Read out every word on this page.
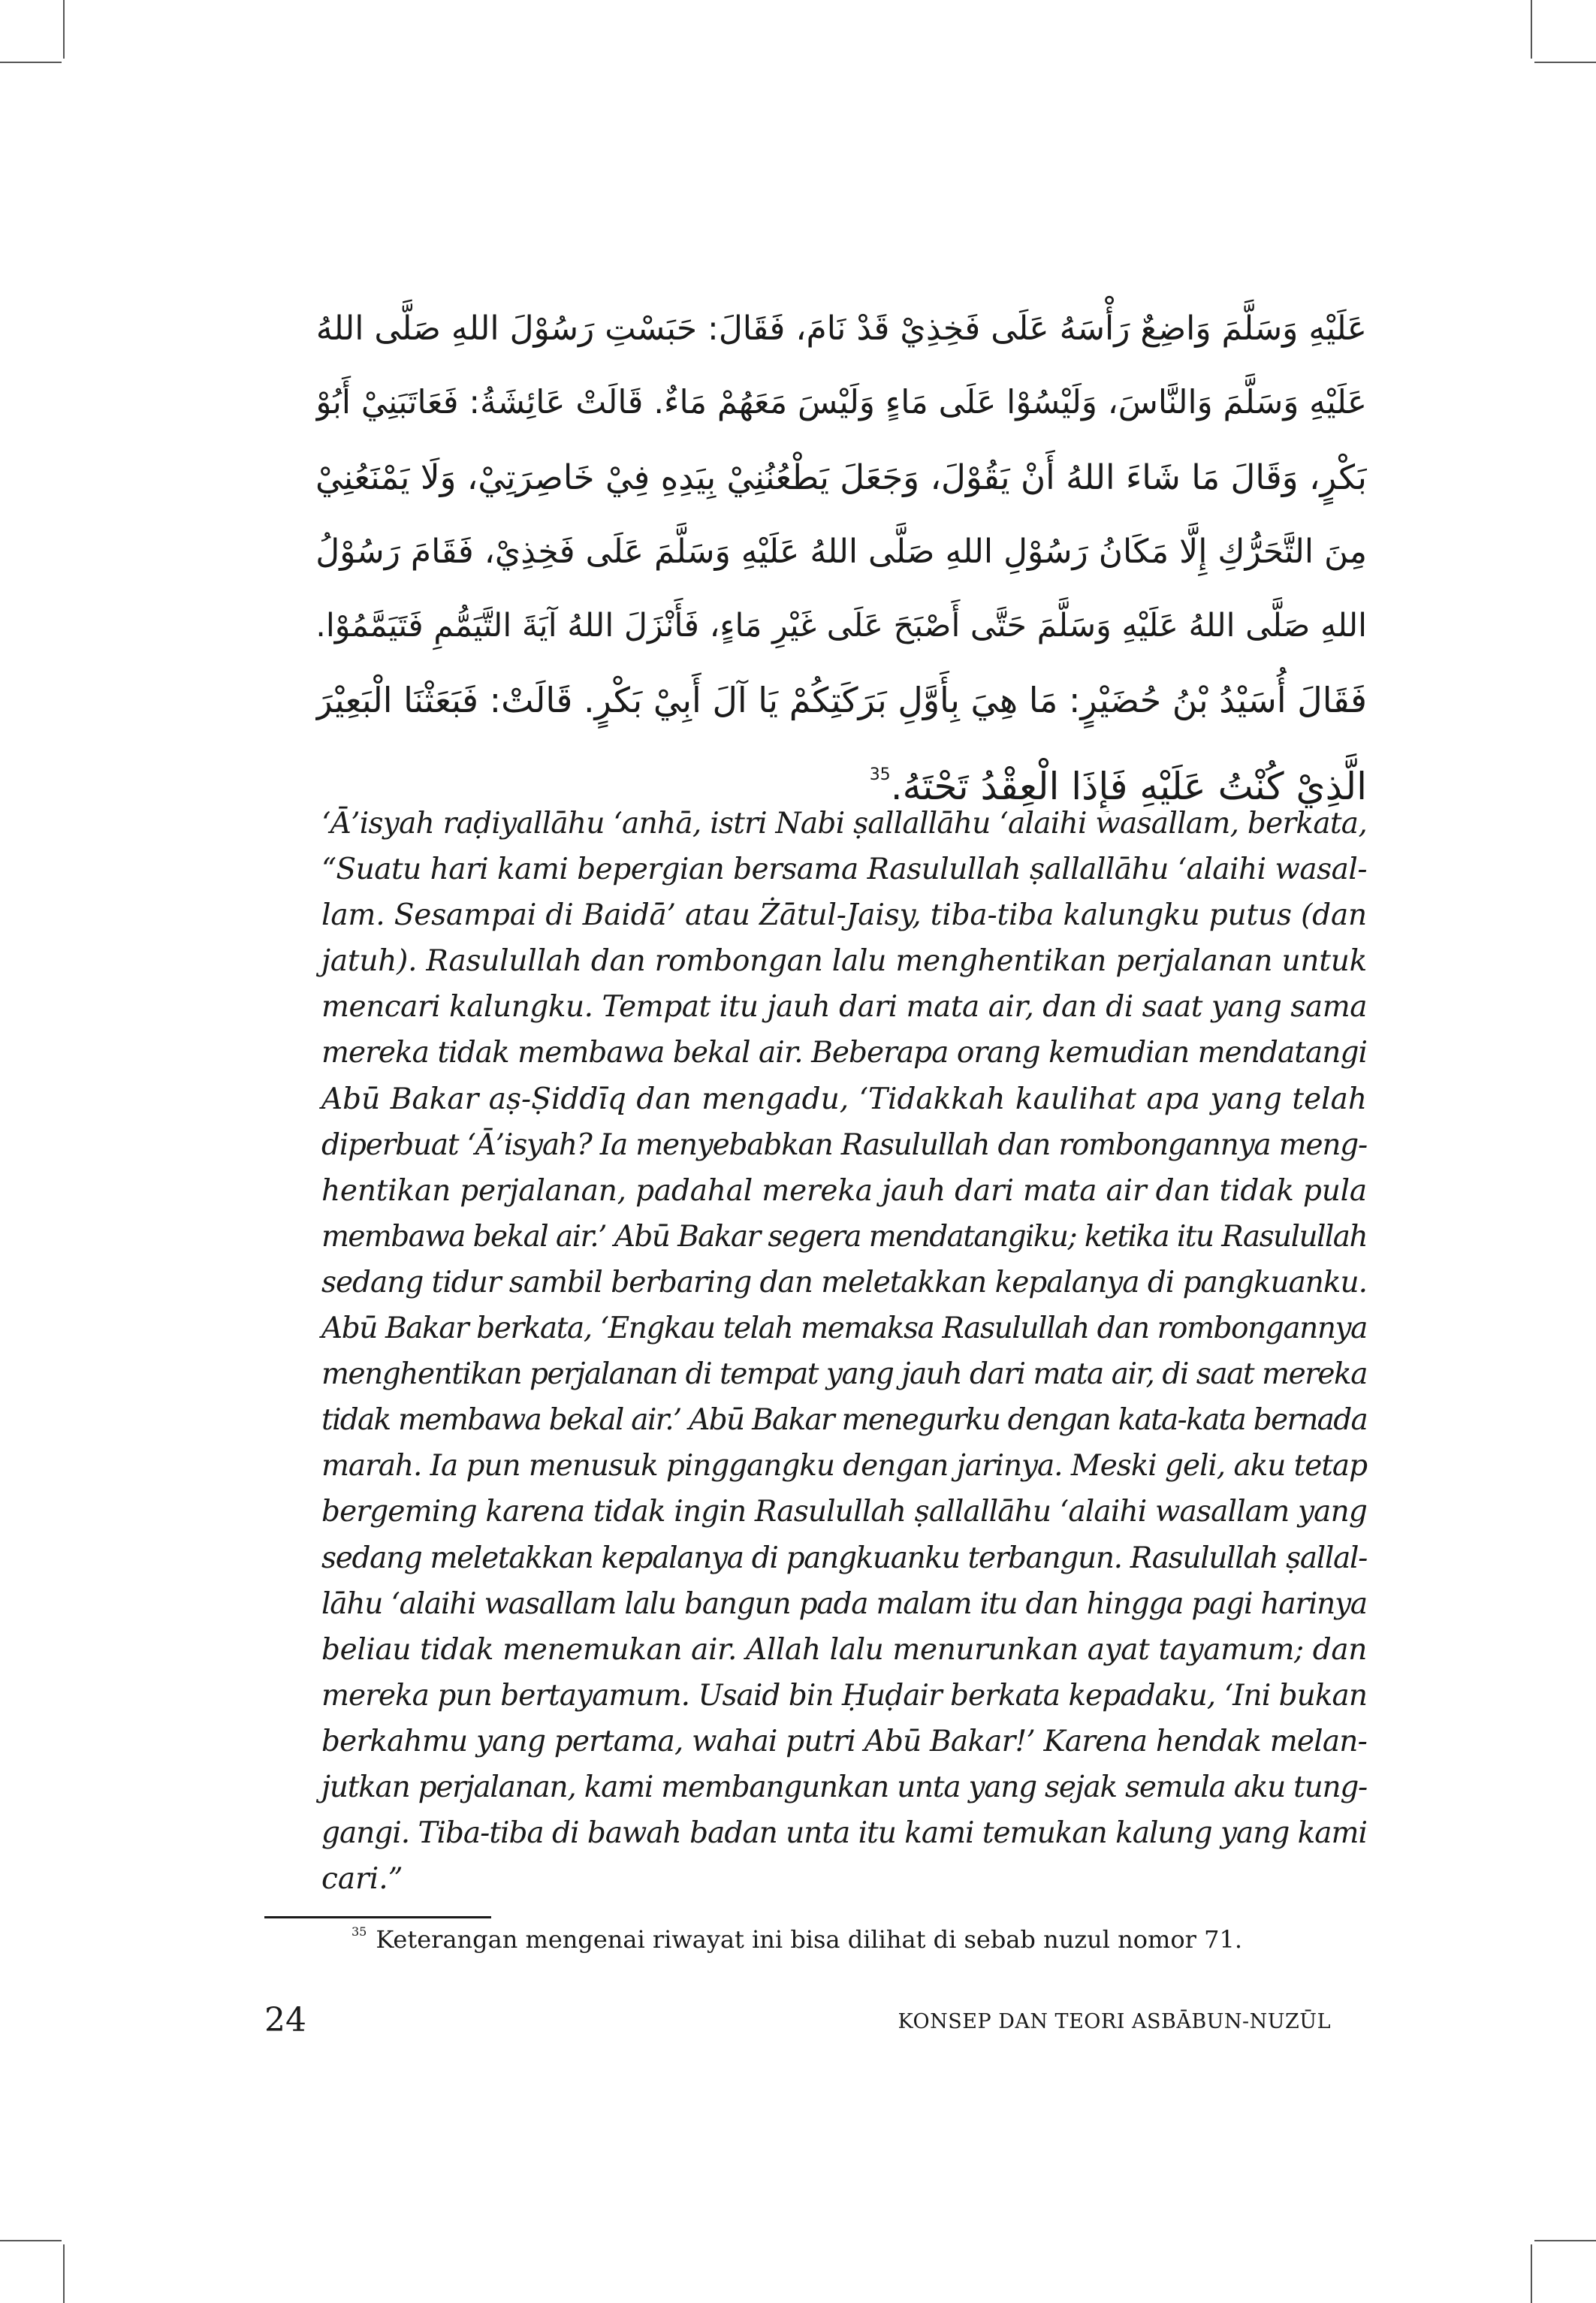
عَلَيْهِ وَسَلَّمَ وَاضِعٌ رَأْسَهُ عَلَى فَخِذِيْ قَدْ نَامَ، فَقَالَ: حَبَسْتِ رَسُوْلَ اللهِ صَلَّى اللهُ
عَلَيْهِ وَسَلَّمَ وَالنَّاسَ، وَلَيْسُوْا عَلَى مَاءٍ وَلَيْسَ مَعَهُمْ مَاءٌ. قَالَتْ عَائِشَةُ: فَعَاتَبَنِيْ أَبُوْ
بَكْرٍ، وَقَالَ مَا شَاءَ اللهُ أَنْ يَقُوْلَ، وَجَعَلَ يَطْعُنُنِيْ بِيَدِهِ فِيْ خَاصِرَتِيْ، وَلَا يَمْنَعُنِيْ
مِنَ التَّحَرُّكِ إِلَّا مَكَانُ رَسُوْلِ اللهِ صَلَّى اللهُ عَلَيْهِ وَسَلَّمَ عَلَى فَخِذِيْ، فَقَامَ رَسُوْلُ
اللهِ صَلَّى اللهُ عَلَيْهِ وَسَلَّمَ حَتَّى أَصْبَحَ عَلَى غَيْرِ مَاءٍ، فَأَنْزَلَ اللهُ آيَةَ التَّيَمُّمِ فَتَيَمَّمُوْا.
فَقَالَ أُسَيْدُ بْنُ حُضَيْرٍ: مَا هِيَ بِأَوَّلِ بَرَكَتِكُمْ يَا آلَ أَبِيْ بَكْرٍ. قَالَتْ: فَبَعَثْنَا الْبَعِيْرَ
الَّذِيْ كُنْتُ عَلَيْهِ فَإِذَا الْعِقْدُ تَحْتَهُ.$^{35}$
‘Ā’isyah raḍiyallāhu ‘anhā, istri Nabi ṣallallāhu ‘alaihi wasallam, berkata,
“Suatu hari kami bepergian bersama Rasulullah ṣallallāhu ‘alaihi wasal-
lam. Sesampai di Baidā’ atau Żātul-Jaisy, tiba-tiba kalungku putus (dan
jatuh). Rasulullah dan rombongan lalu menghentikan perjalanan untuk
mencari kalungku. Tempat itu jauh dari mata air, dan di saat yang sama
mereka tidak membawa bekal air. Beberapa orang kemudian mendatangi
Abū Bakar aṣ-Ṣiddīq dan mengadu, ‘Tidakkah kaulihat apa yang telah
diperbuat ‘Ā’isyah? Ia menyebabkan Rasulullah dan rombongannya meng-
hentikan perjalanan, padahal mereka jauh dari mata air dan tidak pula
membawa bekal air.’ Abū Bakar segera mendatangiku; ketika itu Rasulullah
sedang tidur sambil berbaring dan meletakkan kepalanya di pangkuanku.
Abū Bakar berkata, ‘Engkau telah memaksa Rasulullah dan rombongannya
menghentikan perjalanan di tempat yang jauh dari mata air, di saat mereka
tidak membawa bekal air.’ Abū Bakar menegurku dengan kata-kata bernada
marah. Ia pun menusuk pinggangku dengan jarinya. Meski geli, aku tetap
bergeming karena tidak ingin Rasulullah ṣallallāhu ‘alaihi wasallam yang
sedang meletakkan kepalanya di pangkuanku terbangun. Rasulullah ṣallal-
lāhu ‘alaihi wasallam lalu bangun pada malam itu dan hingga pagi harinya
beliau tidak menemukan air. Allah lalu menurunkan ayat tayamum; dan
mereka pun bertayamum. Usaid bin Ḥuḍair berkata kepadaku, ‘Ini bukan
berkahmu yang pertama, wahai putri Abū Bakar!’ Karena hendak melan-
jutkan perjalanan, kami membangunkan unta yang sejak semula aku tung-
gangi. Tiba-tiba di bawah badan unta itu kami temukan kalung yang kami
cari.”
$^{35}$ Keterangan mengenai riwayat ini bisa dilihat di sebab nuzul nomor 71.
24	KONSEP DAN TEORI ASBĀBUN-NUZŪL
